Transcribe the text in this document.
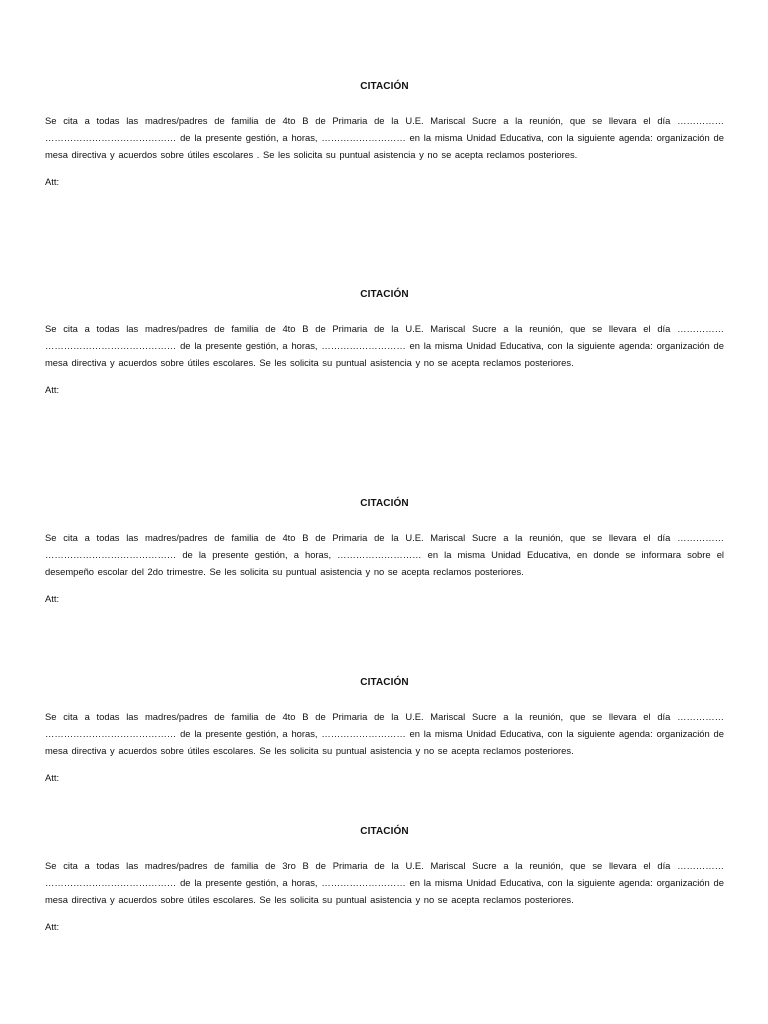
CITACIÓN

Se cita a todas las madres/padres de familia de 4to B de Primaria de la U.E. Mariscal Sucre a la reunión, que se llevara el día …………… …………………………………… de la presente gestión, a horas, ……………………… en la misma Unidad Educativa, con la siguiente agenda: organización de mesa directiva y acuerdos sobre útiles escolares . Se les solicita su puntual asistencia y no se acepta reclamos posteriores.

Att:
CITACIÓN

Se cita a todas las madres/padres de familia de 4to B de Primaria de la U.E. Mariscal Sucre a la reunión, que se llevara el día …………… …………………………………… de la presente gestión, a horas, ……………………… en la misma Unidad Educativa, con la siguiente agenda: organización de mesa directiva y acuerdos sobre útiles escolares. Se les solicita su puntual asistencia y no se acepta reclamos posteriores.

Att:
CITACIÓN

Se cita a todas las madres/padres de familia de 4to B de Primaria de la U.E. Mariscal Sucre a la reunión, que se llevara el día …………… …………………………………… de la presente gestión, a horas, ……………………… en la misma Unidad Educativa, en donde se informara sobre el desempeño escolar del 2do trimestre. Se les solicita su puntual asistencia y no se acepta reclamos posteriores.

Att:
CITACIÓN

Se cita a todas las madres/padres de familia de 4to B de Primaria de la U.E. Mariscal Sucre a la reunión, que se llevara el día …………… …………………………………… de la presente gestión, a horas, ……………………… en la misma Unidad Educativa, con la siguiente agenda: organización de mesa directiva y acuerdos sobre útiles escolares. Se les solicita su puntual asistencia y no se acepta reclamos posteriores.

Att:
CITACIÓN

Se cita a todas las madres/padres de familia de 3ro B de Primaria de la U.E. Mariscal Sucre a la reunión, que se llevara el día …………… …………………………………… de la presente gestión, a horas, ……………………… en la misma Unidad Educativa, con la siguiente agenda: organización de mesa directiva y acuerdos sobre útiles escolares. Se les solicita su puntual asistencia y no se acepta reclamos posteriores.

Att:
